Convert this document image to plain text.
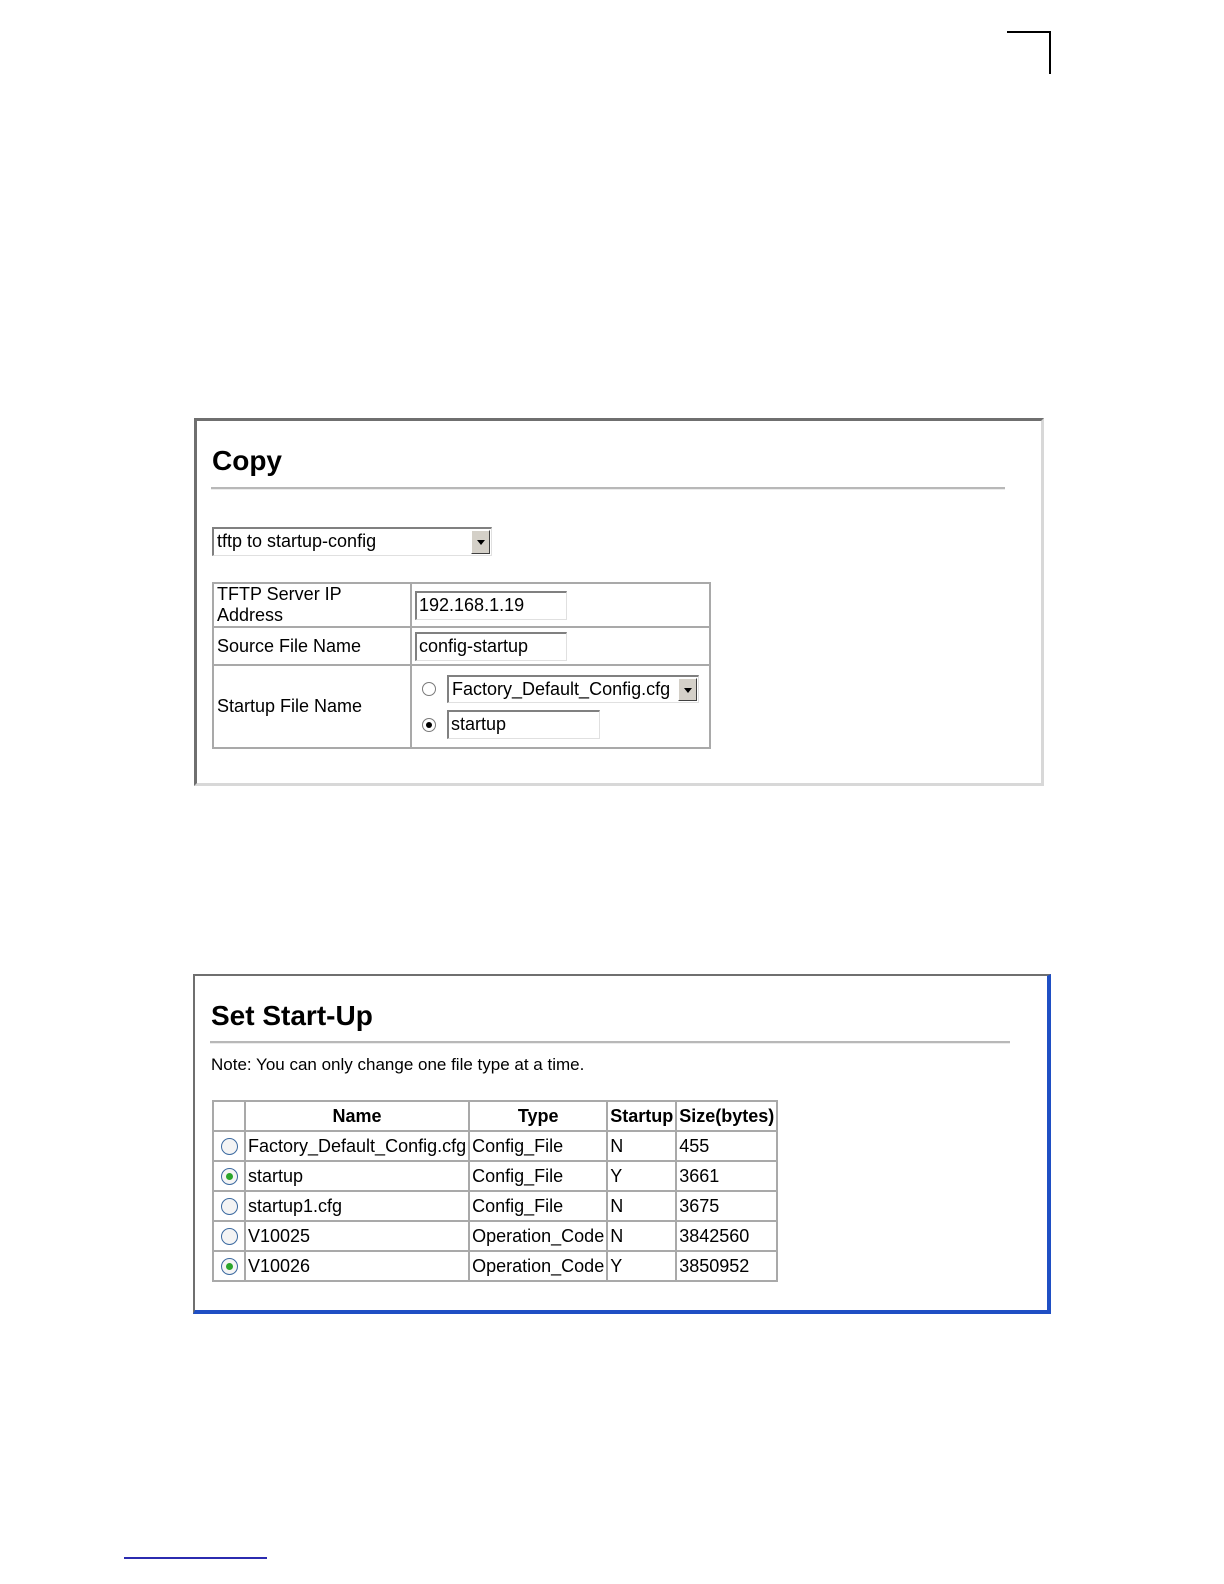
Copy
tftp to startup-config
TFTP Server IP Address	192.168.1.19
Source File Name	config-startup
Startup File Name	Factory_Default_Config.cfg
startup
Set Start-Up
Note: You can only change one file type at a time.
	Name	Type	Startup	Size(bytes)
	Factory_Default_Config.cfg	Config_File	N	455
	startup	Config_File	Y	3661
	startup1.cfg	Config_File	N	3675
	V10025	Operation_Code	N	3842560
	V10026	Operation_Code	Y	3850952
